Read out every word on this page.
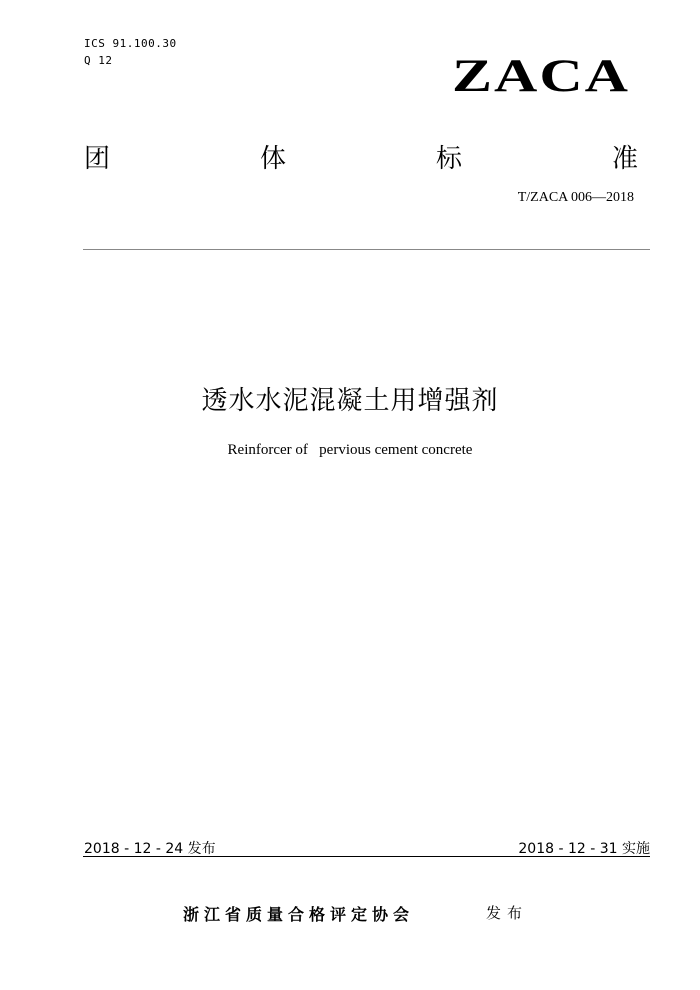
ICS 91.100.30
Q 12	ZACA
团	体	标	准
T/ZACA 006—2018
透水水泥混凝土用增强剂
Reinforcer of   pervious cement concrete
2018 - 12 - 24 发布	2018 - 12 - 31 实施
浙江省质量合格评定协会	发布
